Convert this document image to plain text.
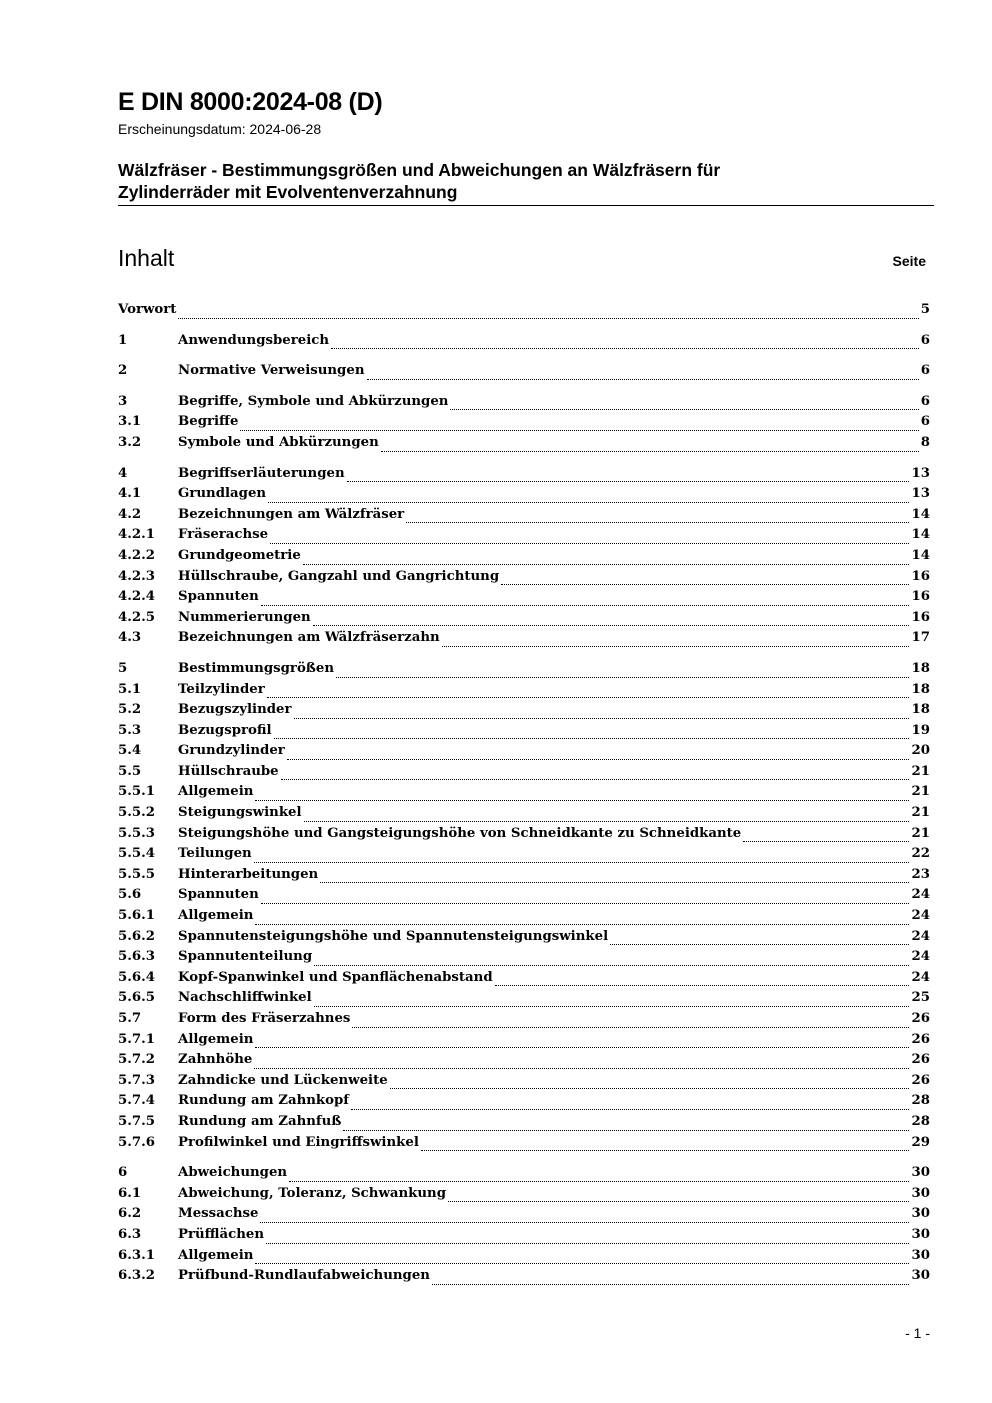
E DIN 8000:2024-08 (D)
Erscheinungsdatum: 2024-06-28
Wälzfräser - Bestimmungsgrößen und Abweichungen an Wälzfräsern für
Zylinderräder mit Evolventenverzahnung
Inhalt	Seite
Vorwort	5
1	Anwendungsbereich	6
2	Normative Verweisungen	6
3	Begriffe, Symbole und Abkürzungen	6
3.1	Begriffe	6
3.2	Symbole und Abkürzungen	8
4	Begriffserläuterungen	13
4.1	Grundlagen	13
4.2	Bezeichnungen am Wälzfräser	14
4.2.1	Fräserachse	14
4.2.2	Grundgeometrie	14
4.2.3	Hüllschraube, Gangzahl und Gangrichtung	16
4.2.4	Spannuten	16
4.2.5	Nummerierungen	16
4.3	Bezeichnungen am Wälzfräserzahn	17
5	Bestimmungsgrößen	18
5.1	Teilzylinder	18
5.2	Bezugszylinder	18
5.3	Bezugsprofil	19
5.4	Grundzylinder	20
5.5	Hüllschraube	21
5.5.1	Allgemein	21
5.5.2	Steigungswinkel	21
5.5.3	Steigungshöhe und Gangsteigungshöhe von Schneidkante zu Schneidkante	21
5.5.4	Teilungen	22
5.5.5	Hinterarbeitungen	23
5.6	Spannuten	24
5.6.1	Allgemein	24
5.6.2	Spannutensteigungshöhe und Spannutensteigungswinkel	24
5.6.3	Spannutenteilung	24
5.6.4	Kopf-Spanwinkel und Spanflächenabstand	24
5.6.5	Nachschliffwinkel	25
5.7	Form des Fräserzahnes	26
5.7.1	Allgemein	26
5.7.2	Zahnhöhe	26
5.7.3	Zahndicke und Lückenweite	26
5.7.4	Rundung am Zahnkopf	28
5.7.5	Rundung am Zahnfuß	28
5.7.6	Profilwinkel und Eingriffswinkel	29
6	Abweichungen	30
6.1	Abweichung, Toleranz, Schwankung	30
6.2	Messachse	30
6.3	Prüfflächen	30
6.3.1	Allgemein	30
6.3.2	Prüfbund-Rundlaufabweichungen	30
- 1 -
